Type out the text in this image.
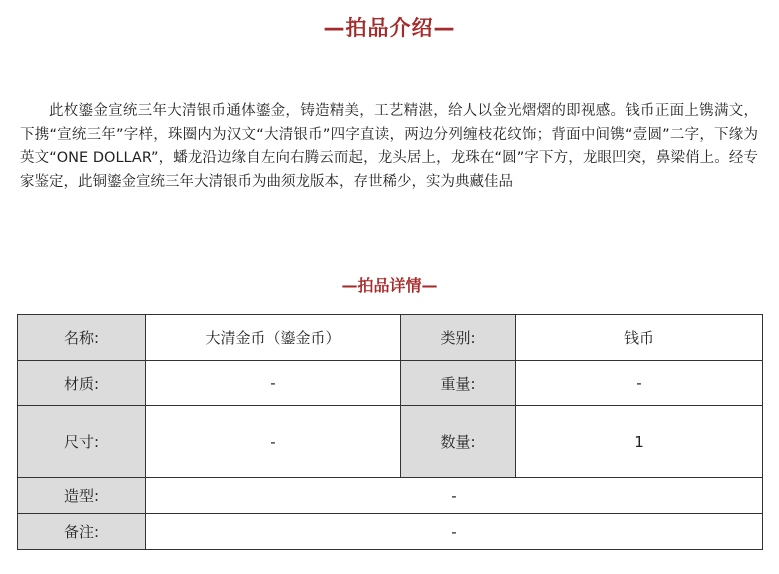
—拍品介绍—
此枚鎏金宣统三年大清银币通体鎏金，铸造精美，工艺精湛，给人以金光熠熠的即视感。钱币正面上镌满文，下携“宣统三年”字样，珠圈内为汉文“大清银币”四字直读，两边分列缠枝花纹饰；背面中间镌“壹圆”二字，下缘为英文“ONE DOLLAR”，蟠龙沿边缘自左向右腾云而起，龙头居上，龙珠在“圆”字下方，龙眼凹突，鼻梁俏上。经专家鉴定，此铜鎏金宣统三年大清银币为曲须龙版本，存世稀少，实为典藏佳品
—拍品详情—
名称:	大清金币（鎏金币）	类别:	钱币
材质:	-	重量:	-
尺寸:	-	数量:	1
造型:	-		
备注:	-		
